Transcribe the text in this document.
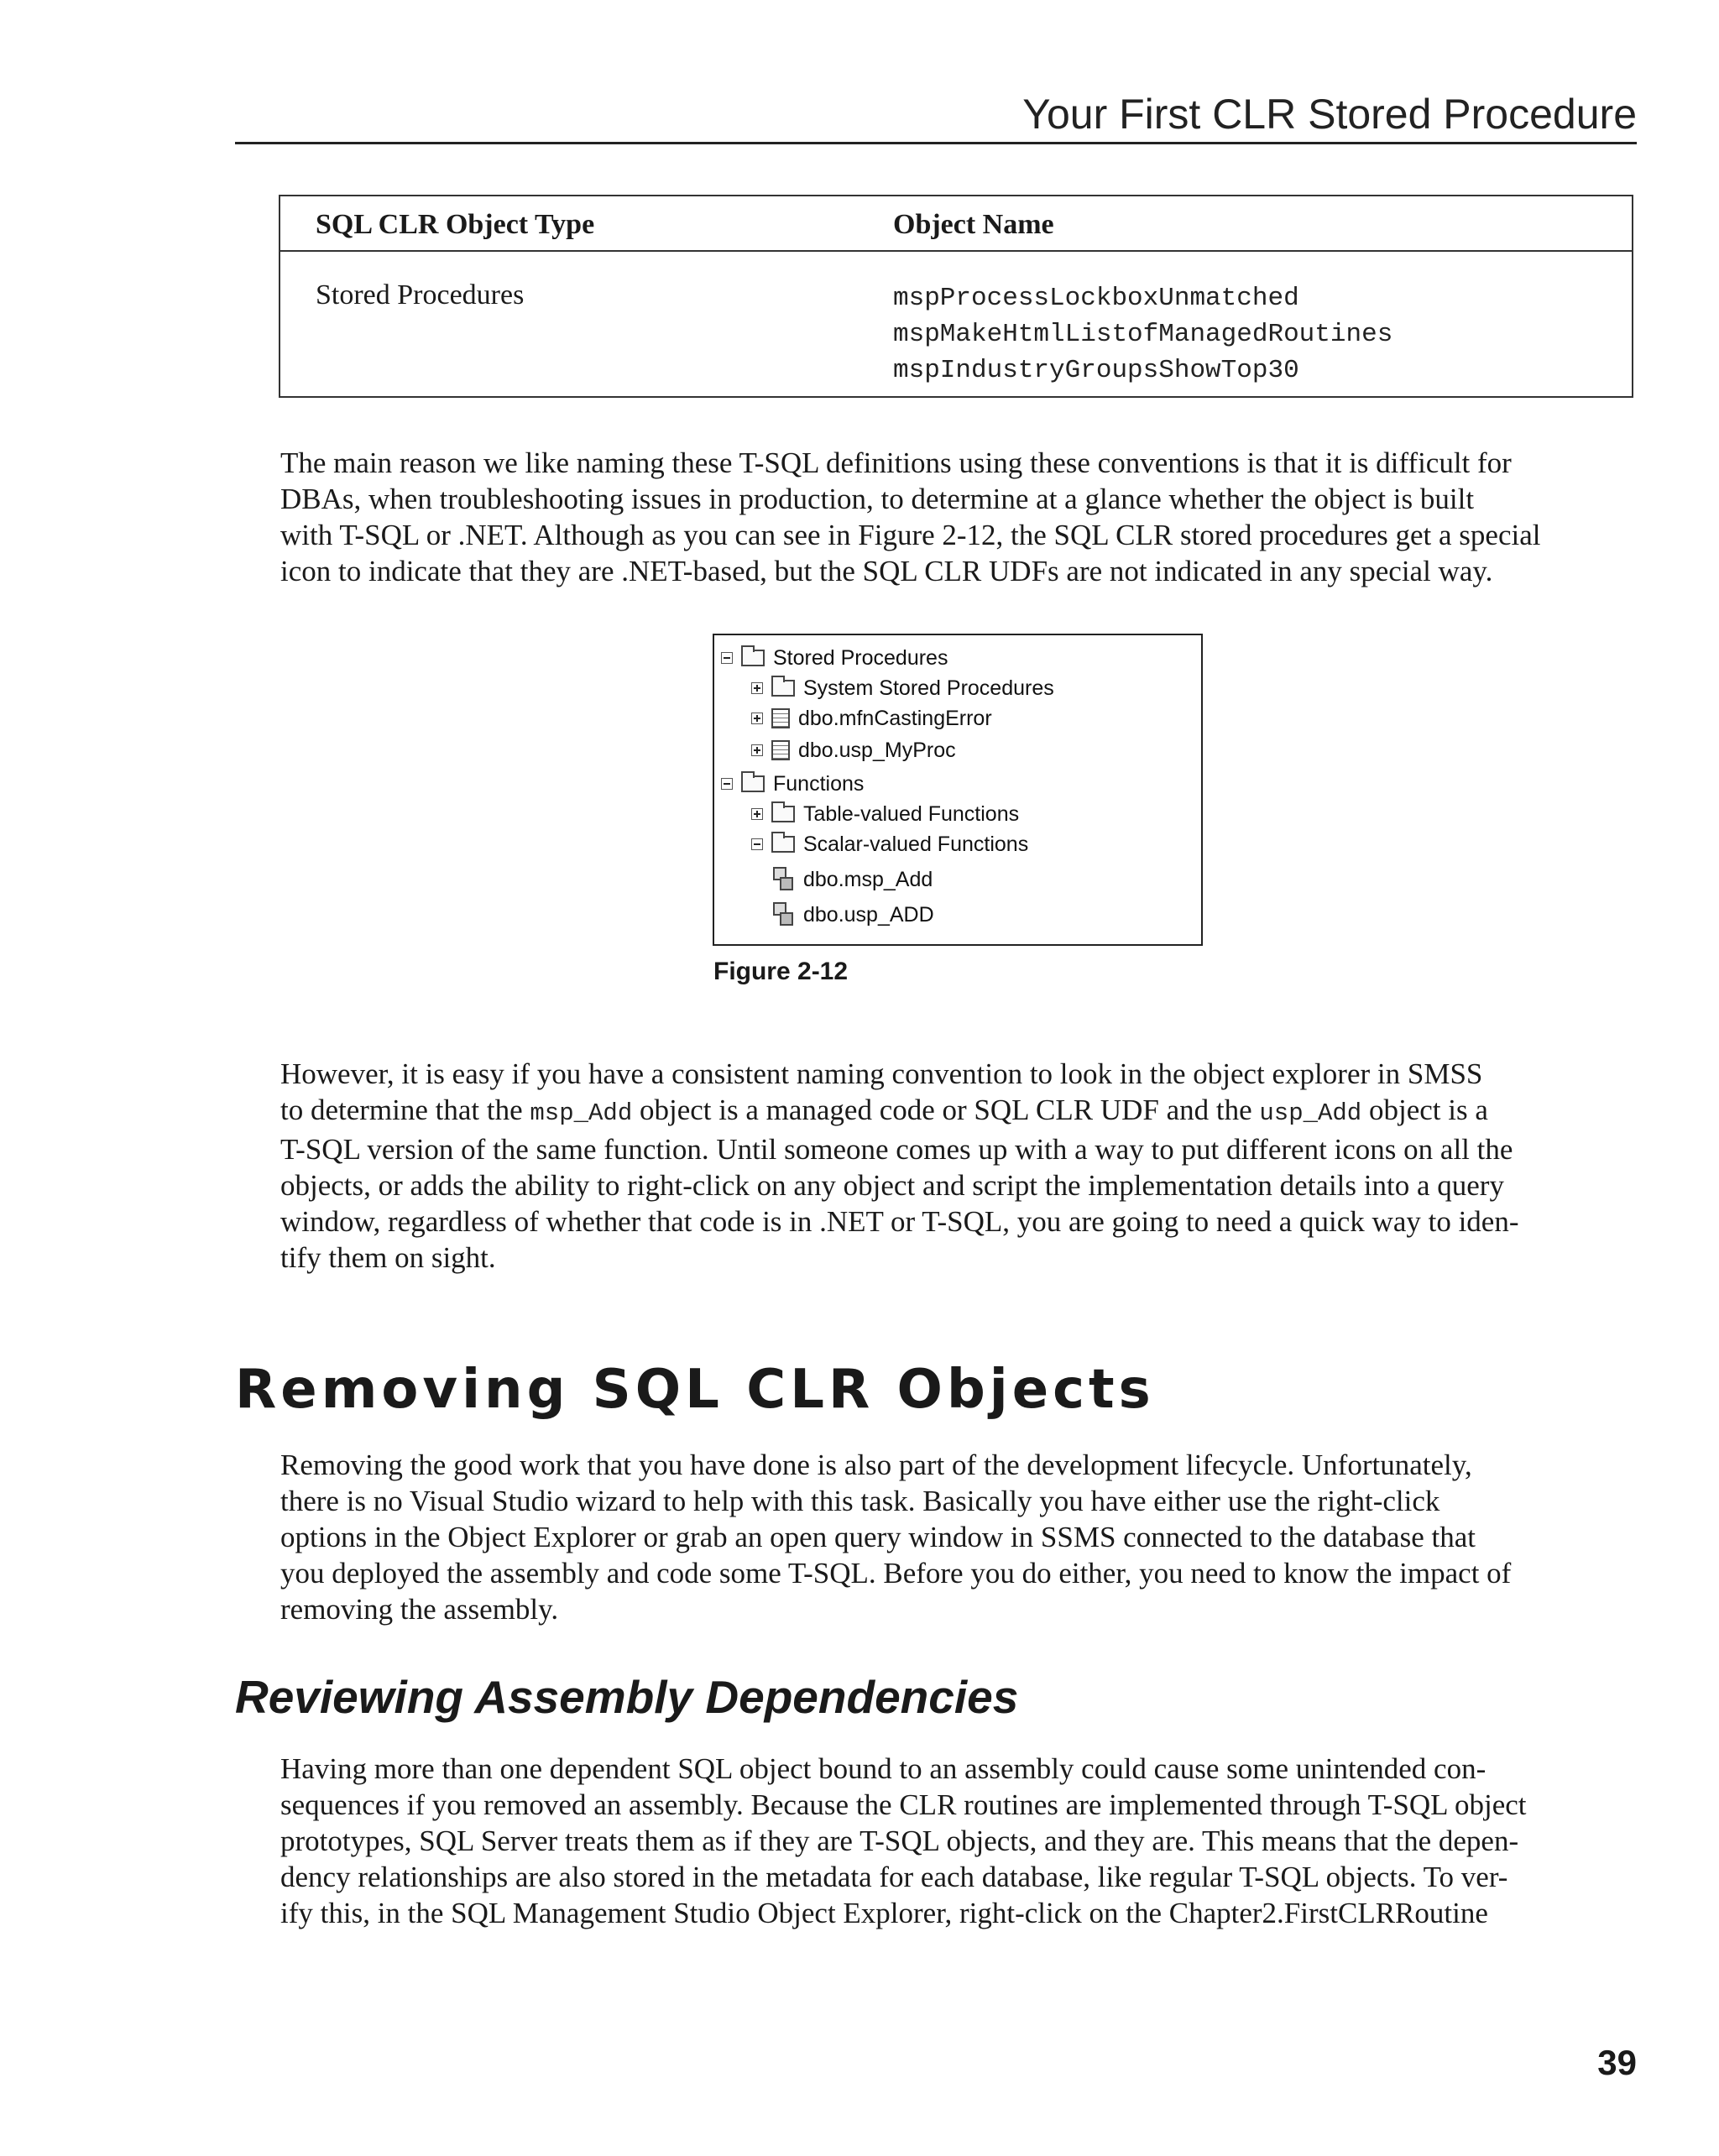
Your First CLR Stored Procedure
SQL CLR Object Type	Object Name
Stored Procedures	mspProcessLockboxUnmatched
mspMakeHtmlListofManagedRoutines
mspIndustryGroupsShowTop30

The main reason we like naming these T-SQL definitions using these conventions is that it is difficult for
DBAs, when troubleshooting issues in production, to determine at a glance whether the object is built
with T-SQL or .NET. Although as you can see in Figure 2-12, the SQL CLR stored procedures get a special
icon to indicate that they are .NET-based, but the SQL CLR UDFs are not indicated in any special way.

Stored Procedures
System Stored Procedures
dbo.mfnCastingError
dbo.usp_MyProc
Functions
Table-valued Functions
Scalar-valued Functions
dbo.msp_Add
dbo.usp_ADD
Figure 2-12

However, it is easy if you have a consistent naming convention to look in the object explorer in SMSS
to determine that the msp_Add object is a managed code or SQL CLR UDF and the usp_Add object is a
T-SQL version of the same function. Until someone comes up with a way to put different icons on all the
objects, or adds the ability to right-click on any object and script the implementation details into a query
window, regardless of whether that code is in .NET or T-SQL, you are going to need a quick way to iden-
tify them on sight.

Removing SQL CLR Objects

Removing the good work that you have done is also part of the development lifecycle. Unfortunately,
there is no Visual Studio wizard to help with this task. Basically you have either use the right-click
options in the Object Explorer or grab an open query window in SSMS connected to the database that
you deployed the assembly and code some T-SQL. Before you do either, you need to know the impact of
removing the assembly.

Reviewing Assembly Dependencies

Having more than one dependent SQL object bound to an assembly could cause some unintended con-
sequences if you removed an assembly. Because the CLR routines are implemented through T-SQL object
prototypes, SQL Server treats them as if they are T-SQL objects, and they are. This means that the depen-
dency relationships are also stored in the metadata for each database, like regular T-SQL objects. To ver-
ify this, in the SQL Management Studio Object Explorer, right-click on the Chapter2.FirstCLRRoutine

39
